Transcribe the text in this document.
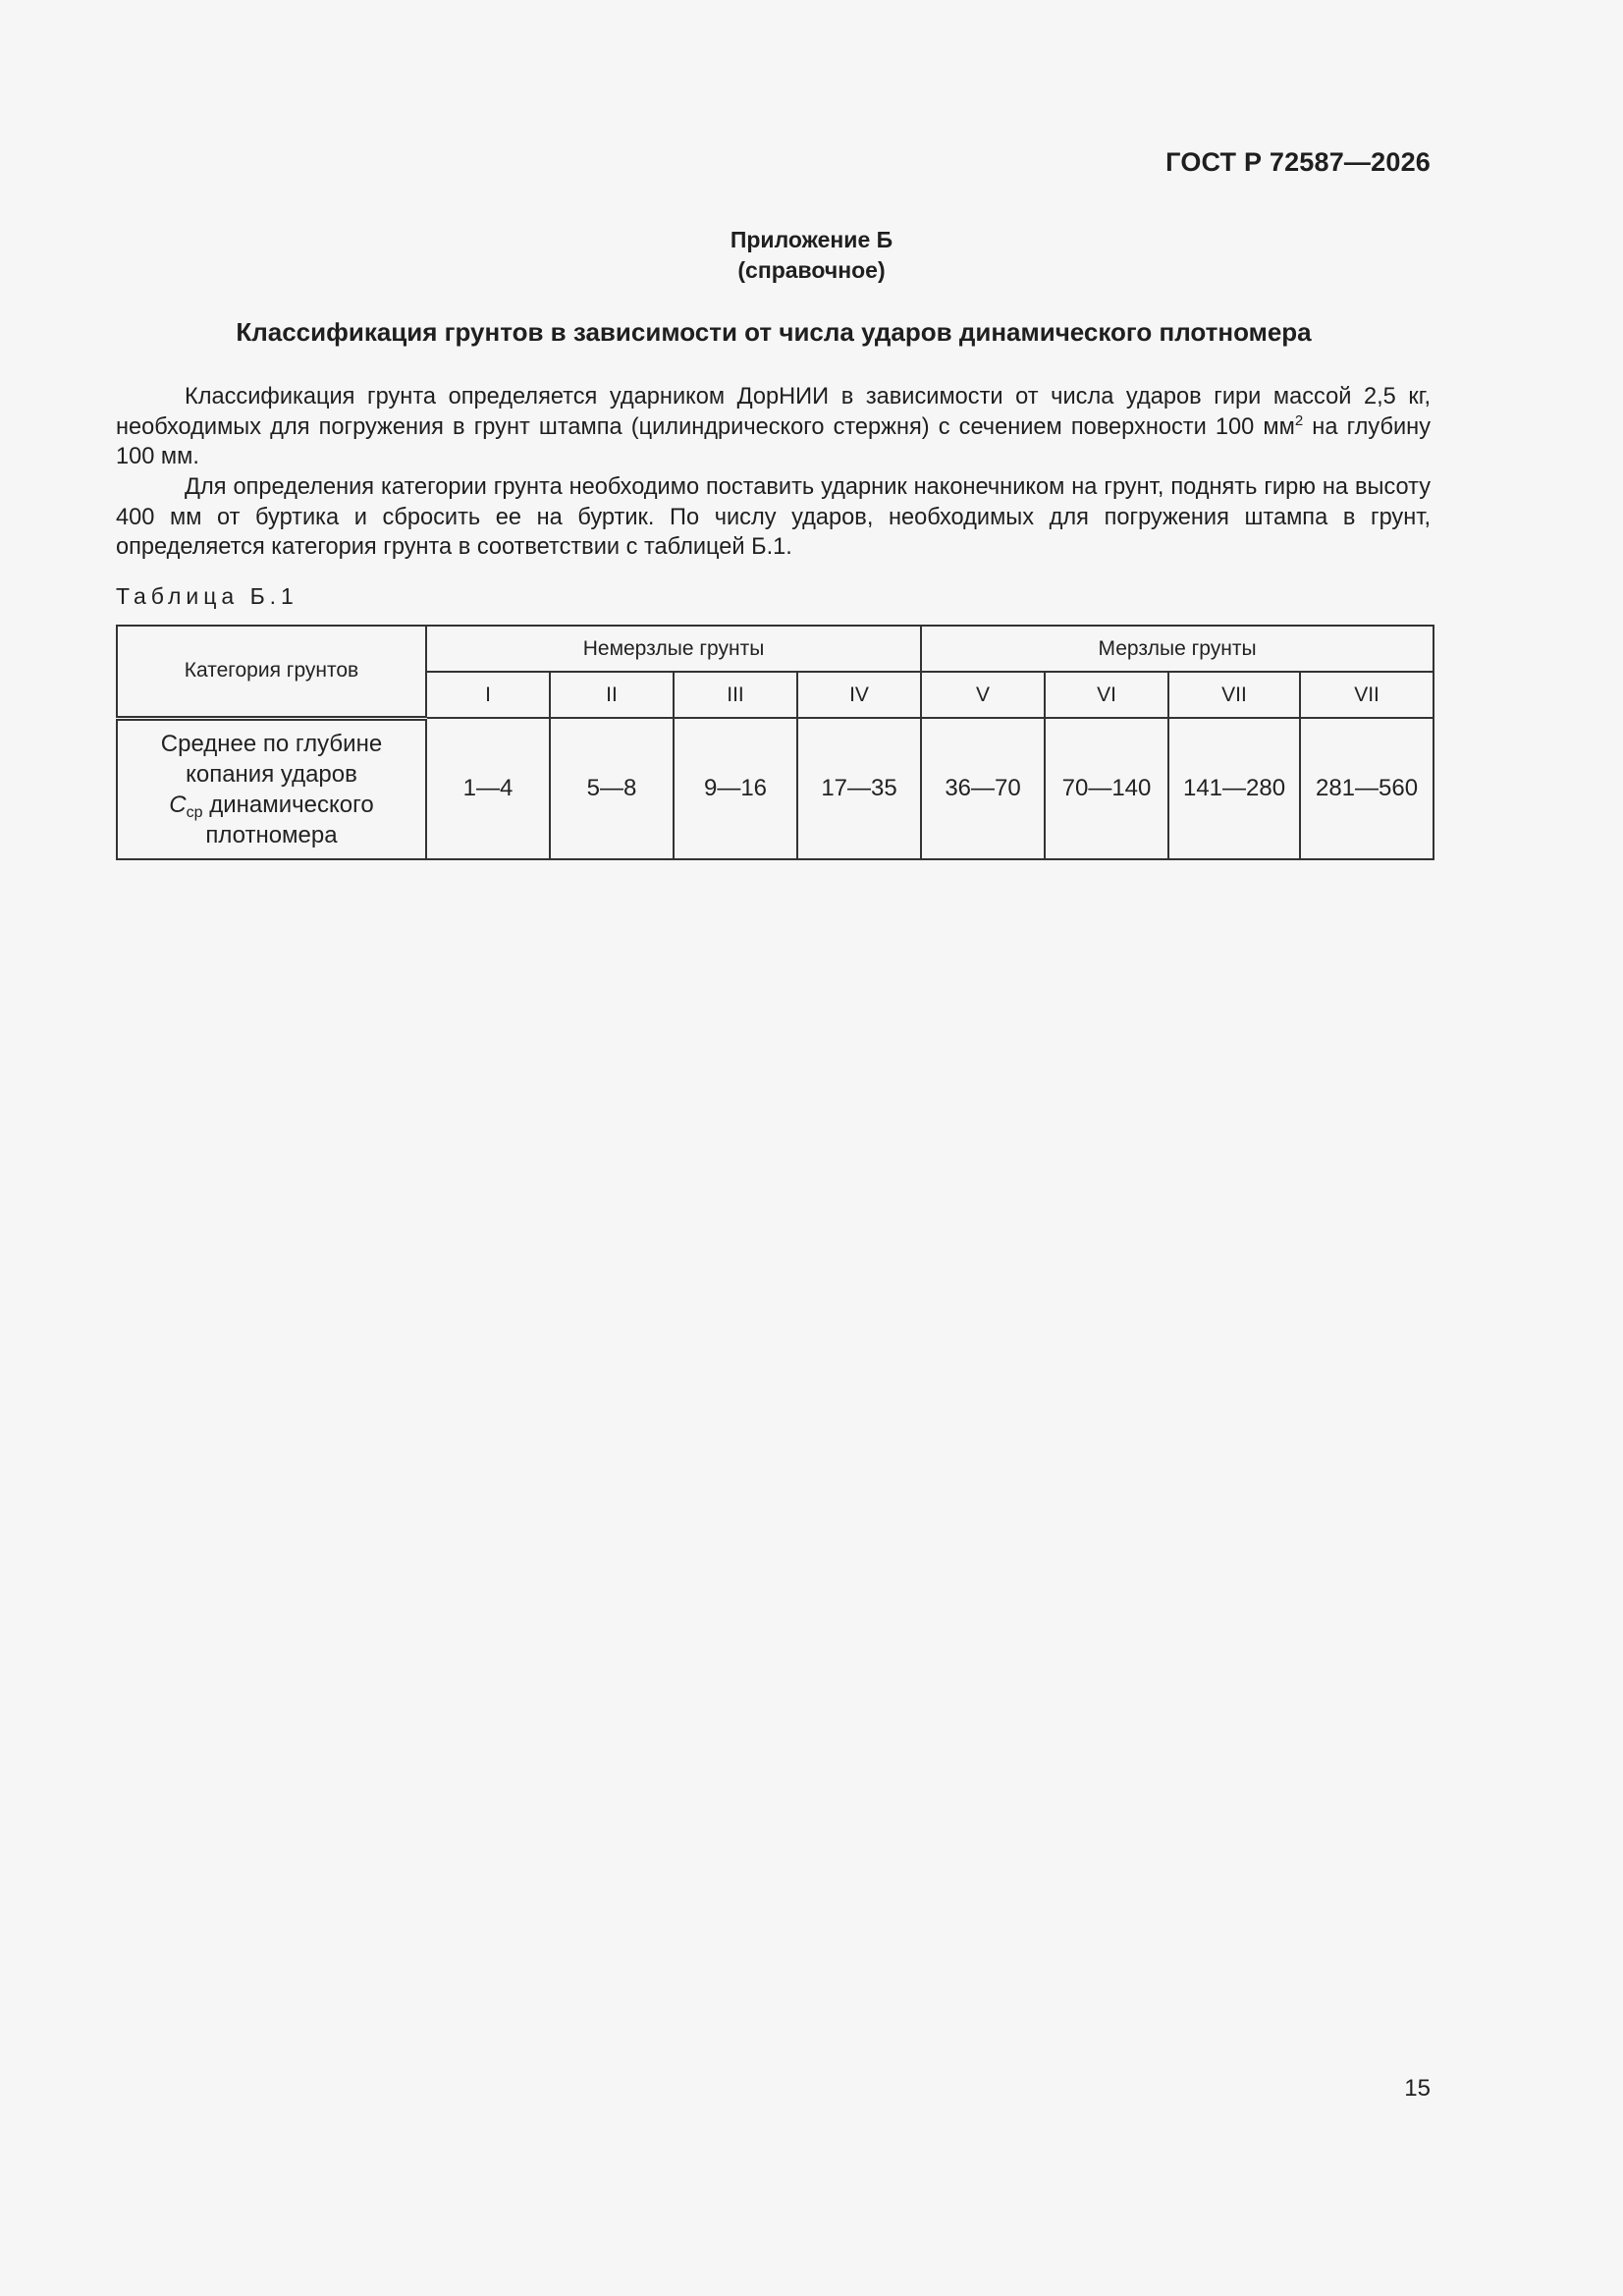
ГОСТ Р 72587—2026
Приложение Б
(справочное)
Классификация грунтов в зависимости от числа ударов динамического плотномера

Классификация грунта определяется ударником ДорНИИ в зависимости от числа ударов гири массой 2,5 кг, необходимых для погружения в грунт штампа (цилиндрического стержня) с сечением поверхности 100 $мм^2$ на глубину 100 мм.

Для определения категории грунта необходимо поставить ударник наконечником на грунт, поднять гирю на высоту 400 мм от буртика и сбросить ее на буртик. По числу ударов, необходимых для погружения штампа в грунт, определяется категория грунта в соответствии с таблицей Б.1.

Таблица Б.1
Категория грунтов	Немерзлые грунты				Мерзлые грунты			
	I	II	III	IV	V	VI	VII	VII

Среднее по глубине
копания ударов
$C_{ср}$ динамического
плотномера	1—4	5—8	9—16	17—35	36—70	70—140	141—280	281—560
15
